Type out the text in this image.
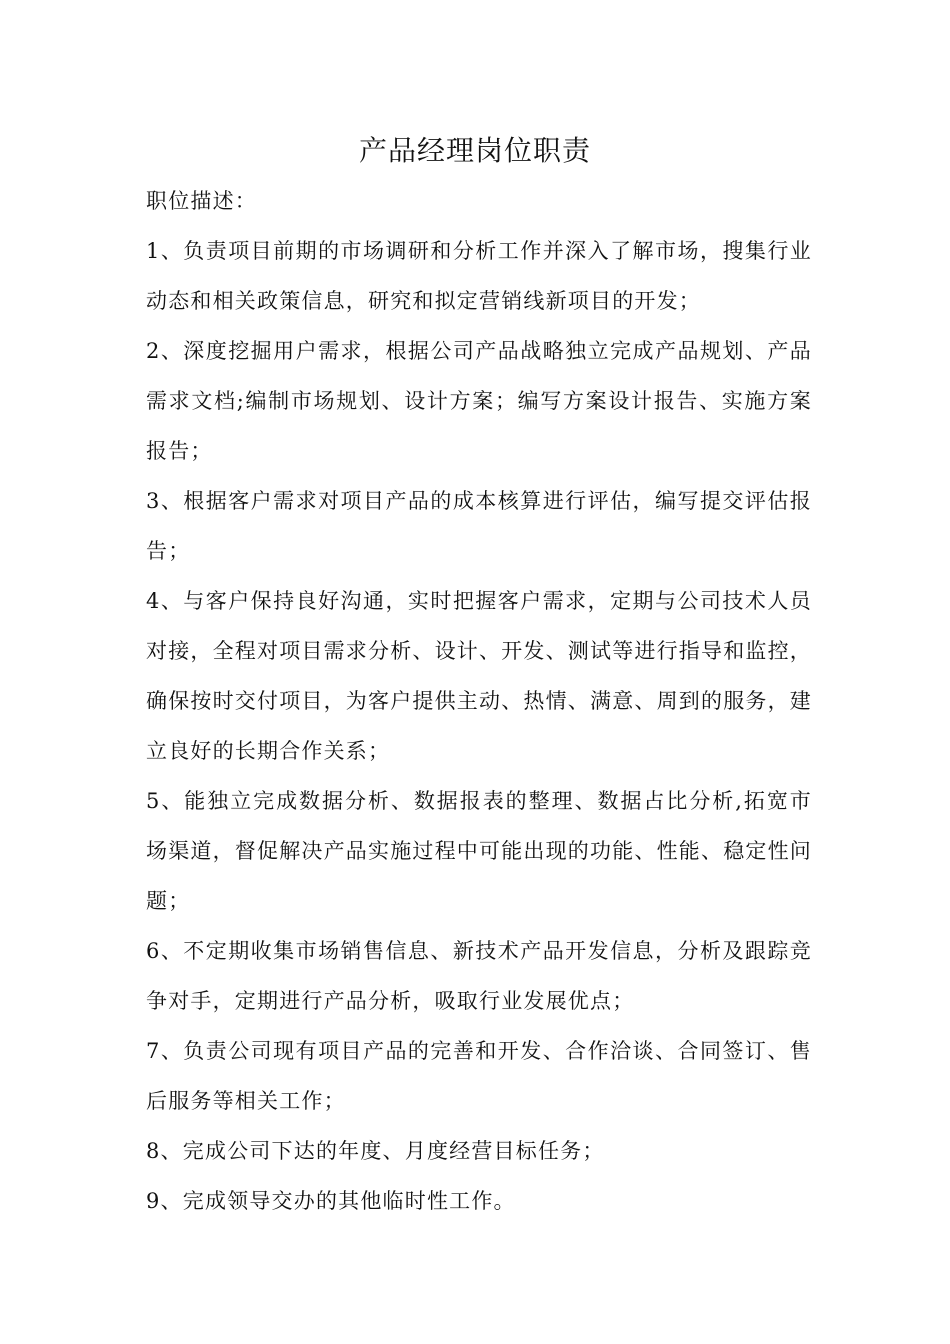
产品经理岗位职责

职位描述：

1、负责项目前期的市场调研和分析工作并深入了解市场，搜集行业动态和相关政策信息，研究和拟定营销线新项目的开发；

2、深度挖掘用户需求，根据公司产品战略独立完成产品规划、产品需求文档;编制市场规划、设计方案；编写方案设计报告、实施方案报告；

3、根据客户需求对项目产品的成本核算进行评估，编写提交评估报告；

4、与客户保持良好沟通，实时把握客户需求，定期与公司技术人员对接，全程对项目需求分析、设计、开发、测试等进行指导和监控，确保按时交付项目，为客户提供主动、热情、满意、周到的服务，建立良好的长期合作关系；

5、能独立完成数据分析、数据报表的整理、数据占比分析,拓宽市场渠道，督促解决产品实施过程中可能出现的功能、性能、稳定性问题；

6、不定期收集市场销售信息、新技术产品开发信息，分析及跟踪竞争对手，定期进行产品分析，吸取行业发展优点；

7、负责公司现有项目产品的完善和开发、合作洽谈、合同签订、售后服务等相关工作；

8、完成公司下达的年度、月度经营目标任务；

9、完成领导交办的其他临时性工作。
